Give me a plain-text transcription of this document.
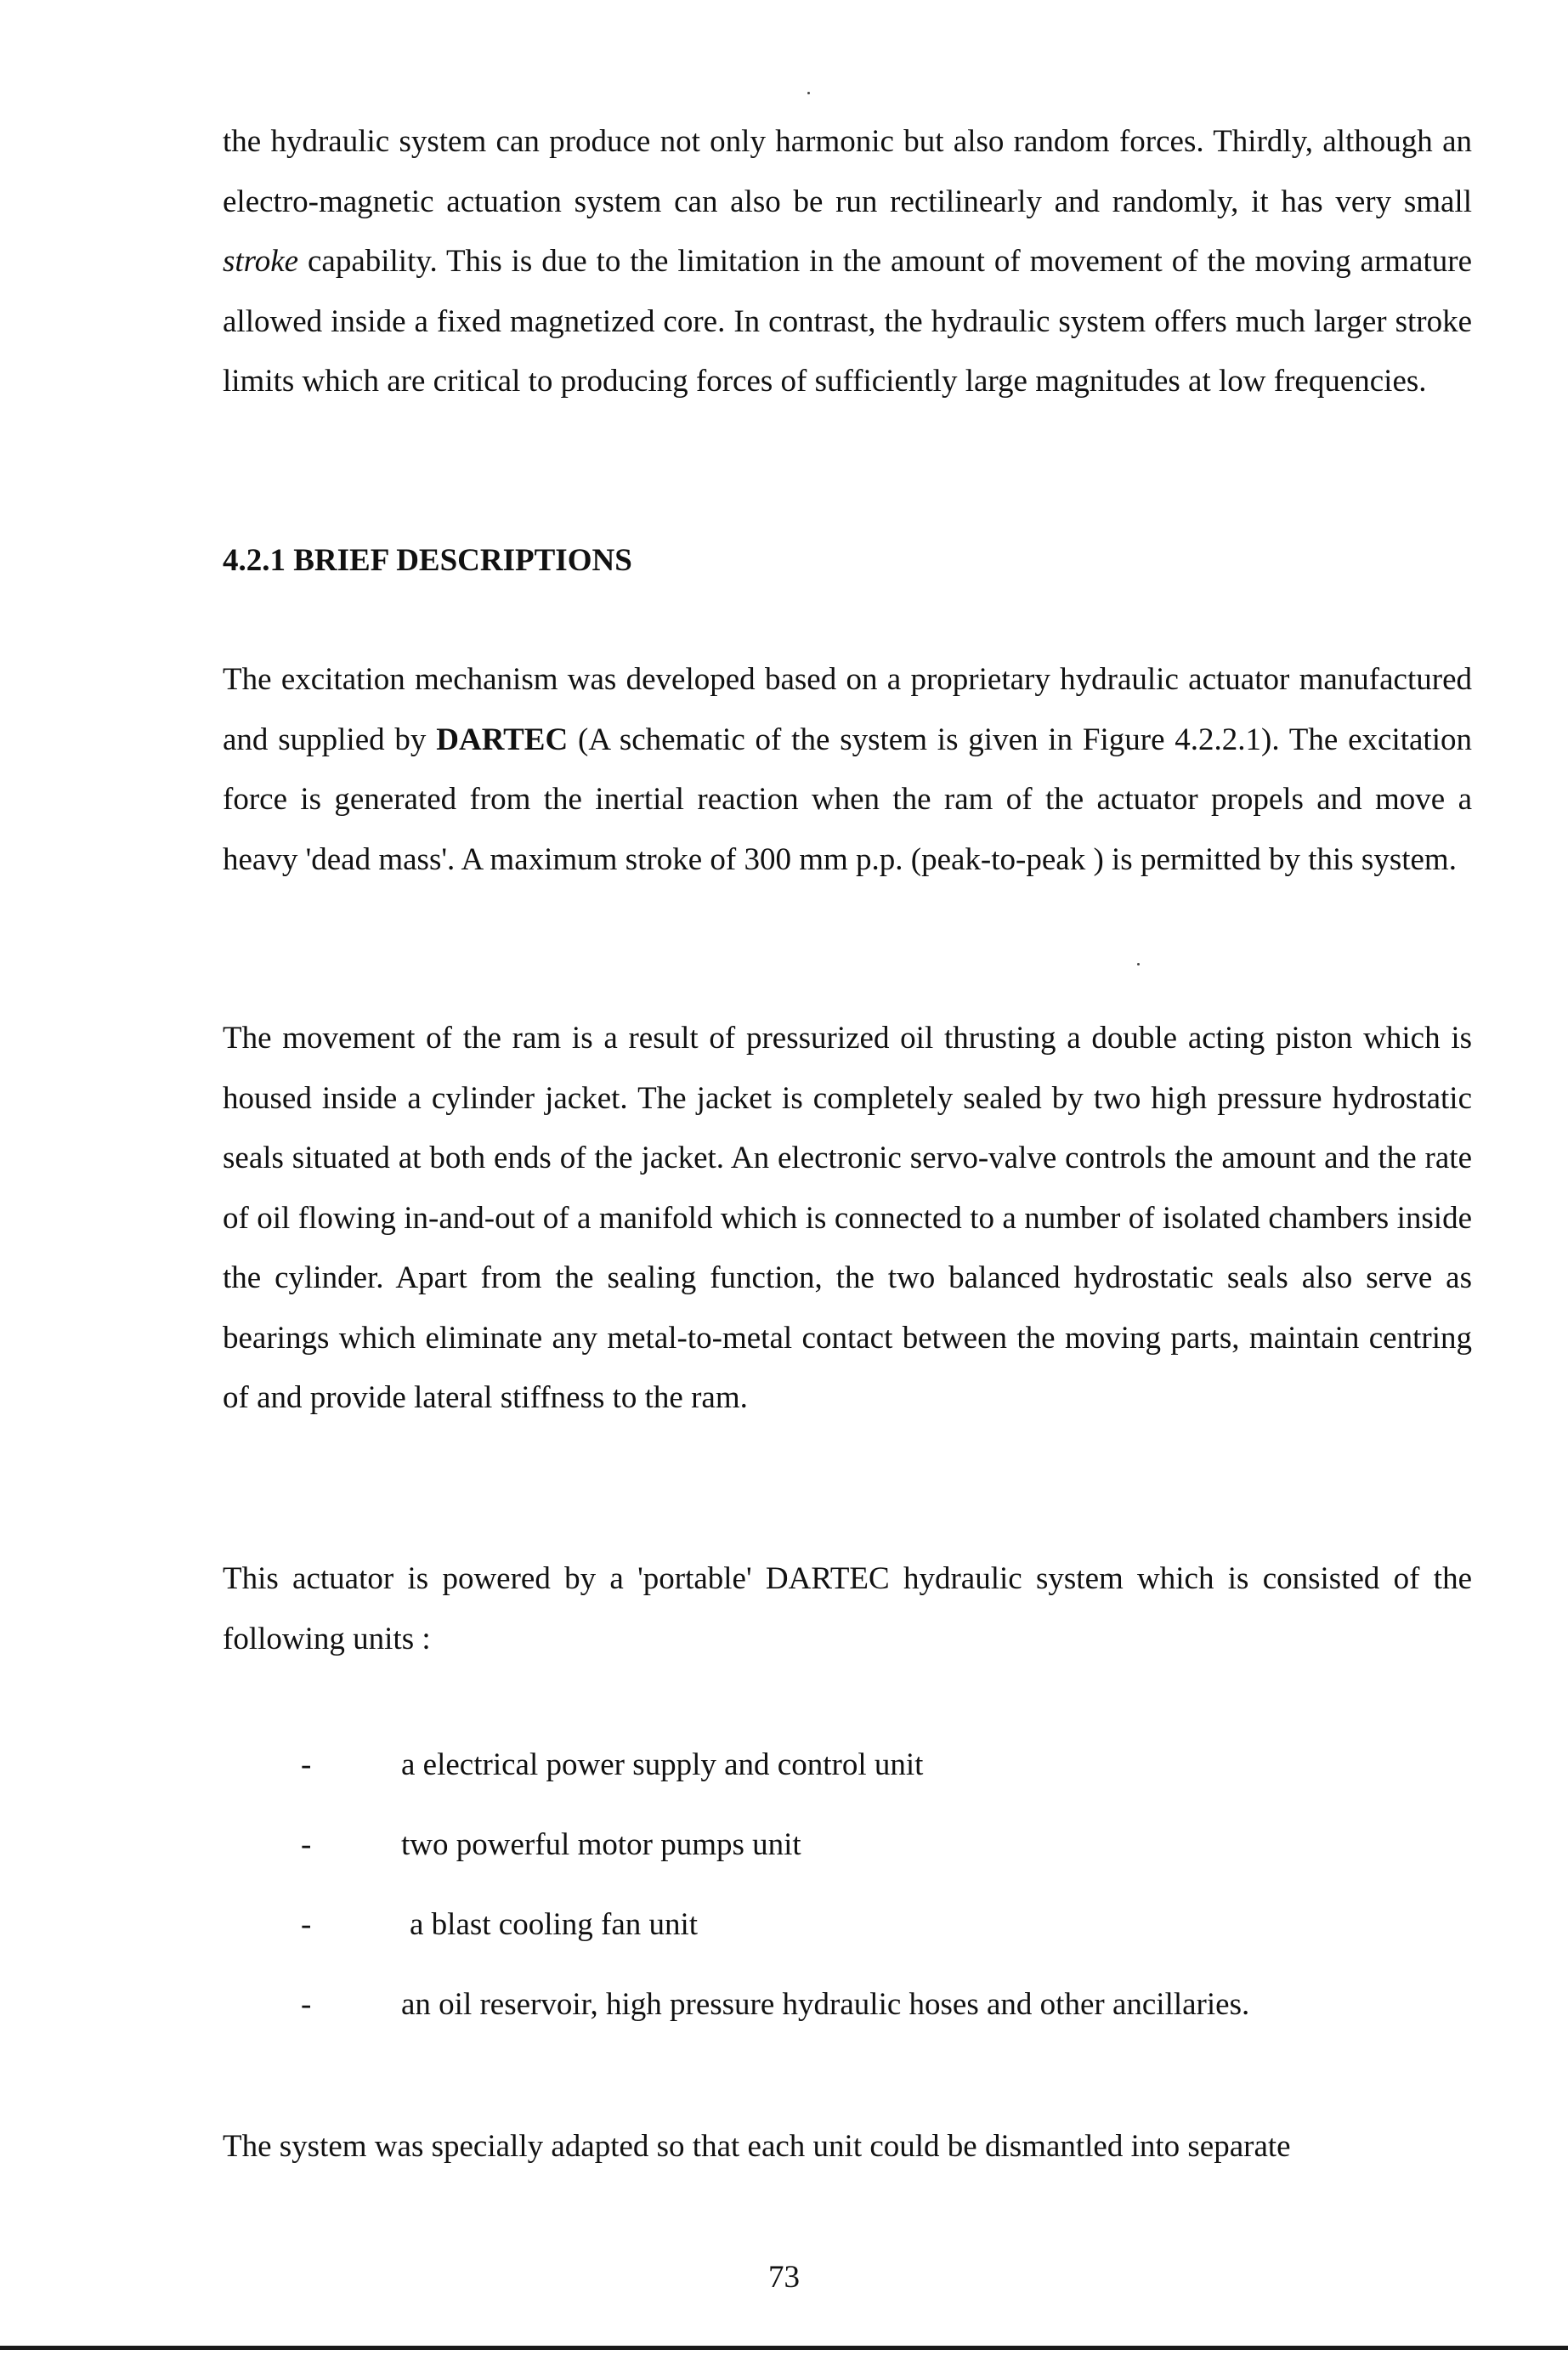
the hydraulic system can produce not only harmonic but also random forces. Thirdly, although an electro-magnetic actuation system can also be run rectilinearly and randomly, it has very small stroke capability. This is due to the limitation in the amount of movement of the moving armature allowed inside a fixed magnetized core. In contrast, the hydraulic system offers much larger stroke limits which are critical to producing forces of sufficiently large magnitudes at low frequencies.

4.2.1 BRIEF DESCRIPTIONS

The excitation mechanism was developed based on a proprietary hydraulic actuator manufactured and supplied by DARTEC (A schematic of the system is given in Figure 4.2.2.1). The excitation force is generated from the inertial reaction when the ram of the actuator propels and move a heavy 'dead mass'. A maximum stroke of 300 mm p.p. (peak-to-peak ) is permitted by this system.

The movement of the ram is a result of pressurized oil thrusting a double acting piston which is housed inside a cylinder jacket. The jacket is completely sealed by two high pressure hydrostatic seals situated at both ends of the jacket. An electronic servo-valve controls the amount and the rate of oil flowing in-and-out of a manifold which is connected to a number of isolated chambers inside the cylinder. Apart from the sealing function, the two balanced hydrostatic seals also serve as bearings which eliminate any metal-to-metal contact between the moving parts, maintain centring of and provide lateral stiffness to the ram.

This actuator is powered by a 'portable' DARTEC hydraulic system which is consisted of the following units :

-	a electrical power supply and control unit
-	two powerful motor pumps unit
-	a blast cooling fan unit
-	an oil reservoir, high pressure hydraulic hoses and other ancillaries.

The system was specially adapted so that each unit could be dismantled into separate

73
